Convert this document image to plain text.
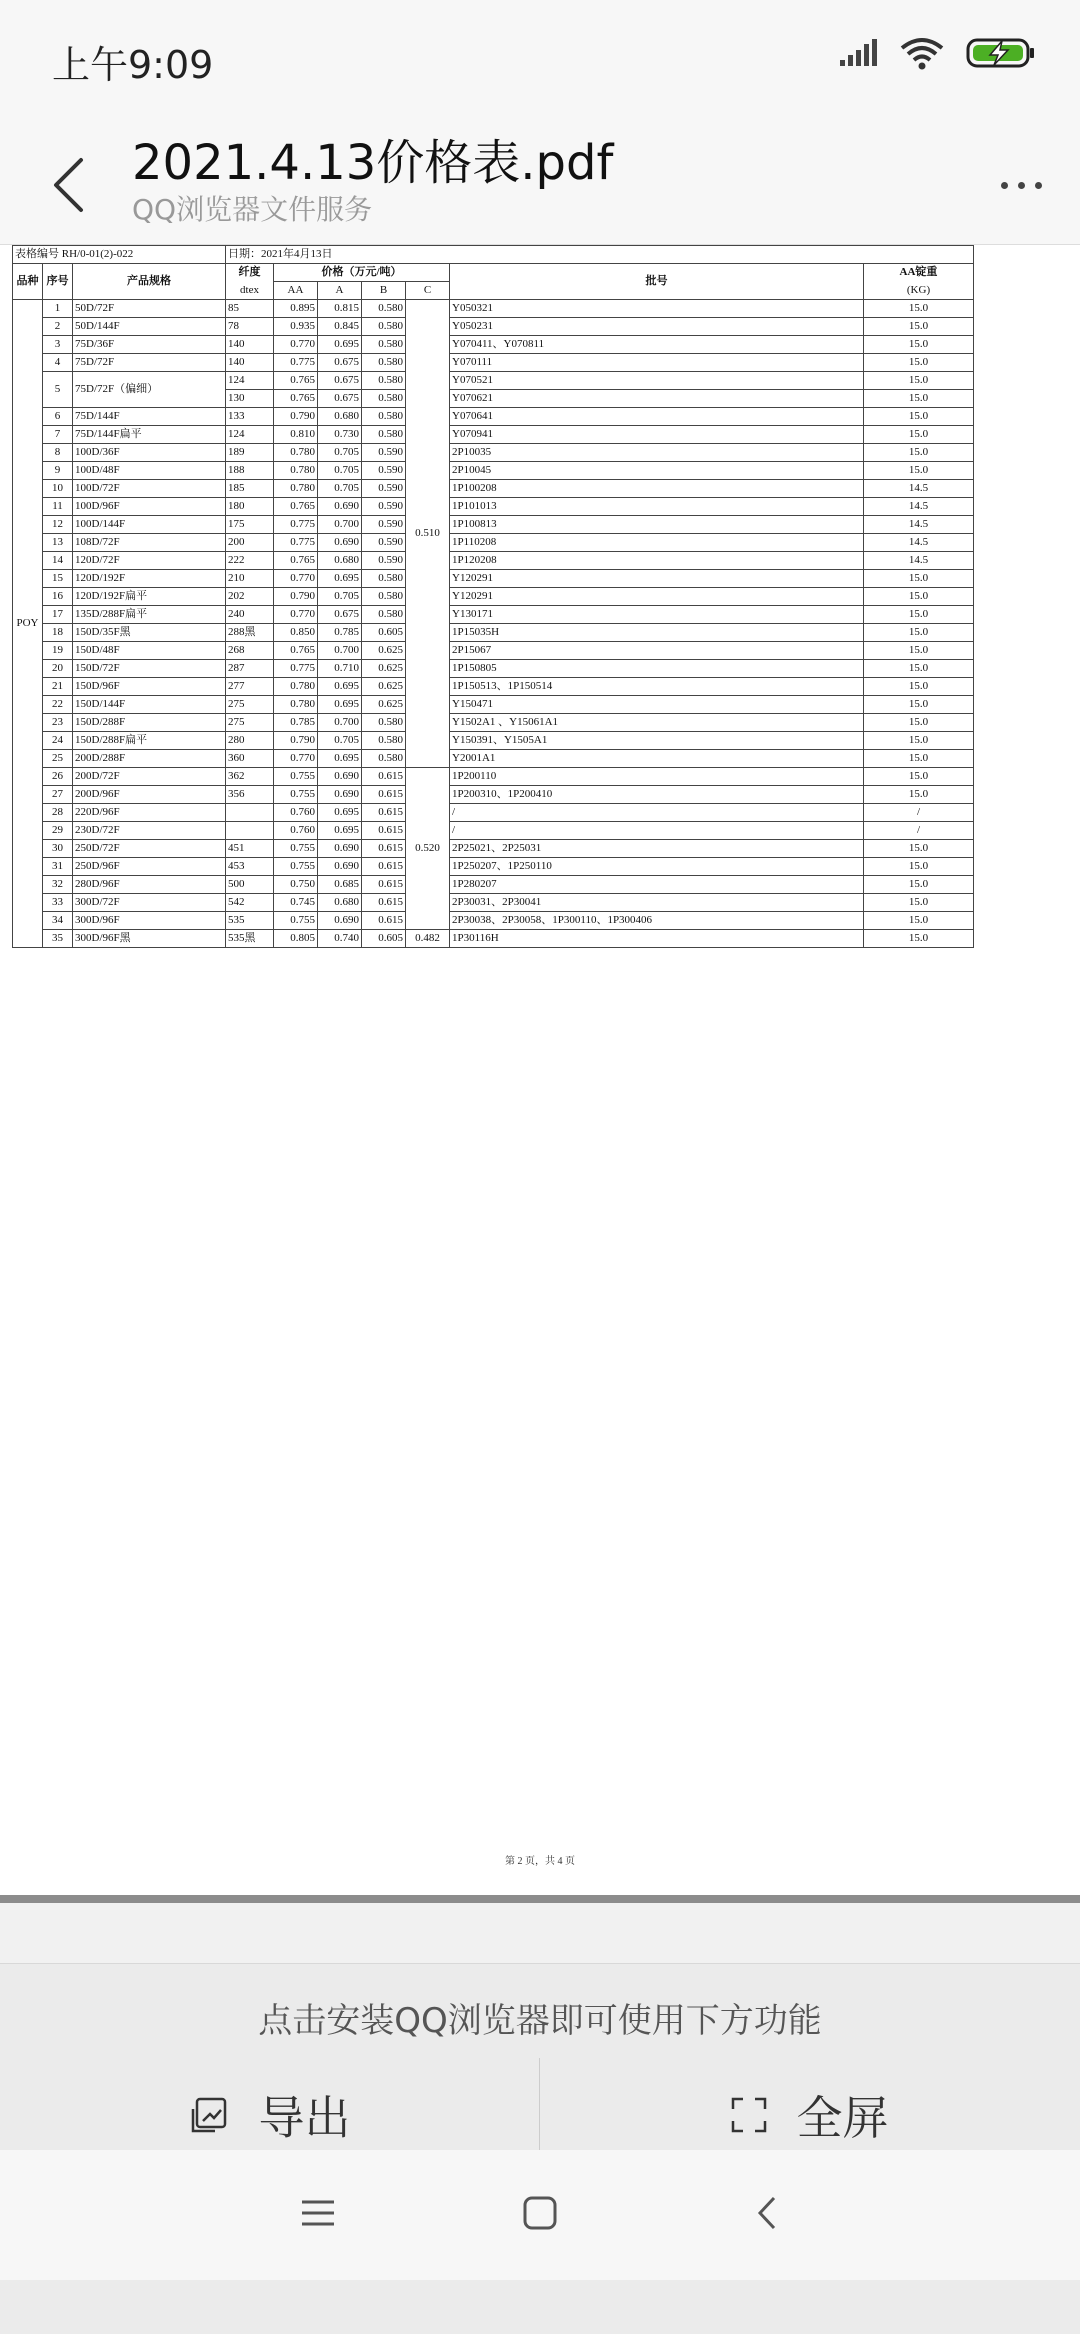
上午9:09
2021.4.13价格表.pdf
QQ浏览器文件服务
表格编号 RH/0-01(2)-022			日期：2021年4月13日						
品种	序号	产品规格	纤度	价格（万元/吨）				批号	AA锭重
			dtex	AA	A	B	C		(KG)
POY	1	50D/72F	85	0.895	0.815	0.580	0.510	Y050321	15.0
	2	50D/144F	78	0.935	0.845	0.580		Y050231	15.0
	3	75D/36F	140	0.770	0.695	0.580		Y070411、Y070811	15.0
	4	75D/72F	140	0.775	0.675	0.580		Y070111	15.0
	5	75D/72F（偏细）	124	0.765	0.675	0.580		Y070521	15.0
			130	0.765	0.675	0.580		Y070621	15.0
	6	75D/144F	133	0.790	0.680	0.580		Y070641	15.0
	7	75D/144F扁平	124	0.810	0.730	0.580		Y070941	15.0
	8	100D/36F	189	0.780	0.705	0.590		2P10035	15.0
	9	100D/48F	188	0.780	0.705	0.590		2P10045	15.0
	10	100D/72F	185	0.780	0.705	0.590		1P100208	14.5
	11	100D/96F	180	0.765	0.690	0.590		1P101013	14.5
	12	100D/144F	175	0.775	0.700	0.590		1P100813	14.5
	13	108D/72F	200	0.775	0.690	0.590		1P110208	14.5
	14	120D/72F	222	0.765	0.680	0.590		1P120208	14.5
	15	120D/192F	210	0.770	0.695	0.580		Y120291	15.0
	16	120D/192F扁平	202	0.790	0.705	0.580		Y120291	15.0
	17	135D/288F扁平	240	0.770	0.675	0.580		Y130171	15.0
	18	150D/35F黑	288黑	0.850	0.785	0.605		1P15035H	15.0
	19	150D/48F	268	0.765	0.700	0.625		2P15067	15.0
	20	150D/72F	287	0.775	0.710	0.625		1P150805	15.0
	21	150D/96F	277	0.780	0.695	0.625		1P150513、1P150514	15.0
	22	150D/144F	275	0.780	0.695	0.625		Y150471	15.0
	23	150D/288F	275	0.785	0.700	0.580		Y1502A1 、Y15061A1	15.0
	24	150D/288F扁平	280	0.790	0.705	0.580		Y150391、Y1505A1	15.0
	25	200D/288F	360	0.770	0.695	0.580		Y2001A1	15.0
	26	200D/72F	362	0.755	0.690	0.615	0.520	1P200110	15.0
	27	200D/96F	356	0.755	0.690	0.615		1P200310、1P200410	15.0
	28	220D/96F		0.760	0.695	0.615		/	/
	29	230D/72F		0.760	0.695	0.615		/	/
	30	250D/72F	451	0.755	0.690	0.615		2P25021、2P25031	15.0
	31	250D/96F	453	0.755	0.690	0.615		1P250207、1P250110	15.0
	32	280D/96F	500	0.750	0.685	0.615		1P280207	15.0
	33	300D/72F	542	0.745	0.680	0.615		2P30031、2P30041	15.0
	34	300D/96F	535	0.755	0.690	0.615		2P30038、2P30058、1P300110、1P300406	15.0
	35	300D/96F黑	535黑	0.805	0.740	0.605	0.482	1P30116H	15.0
第 2 页，共 4 页
点击安装QQ浏览器即可使用下方功能
导出	全屏
